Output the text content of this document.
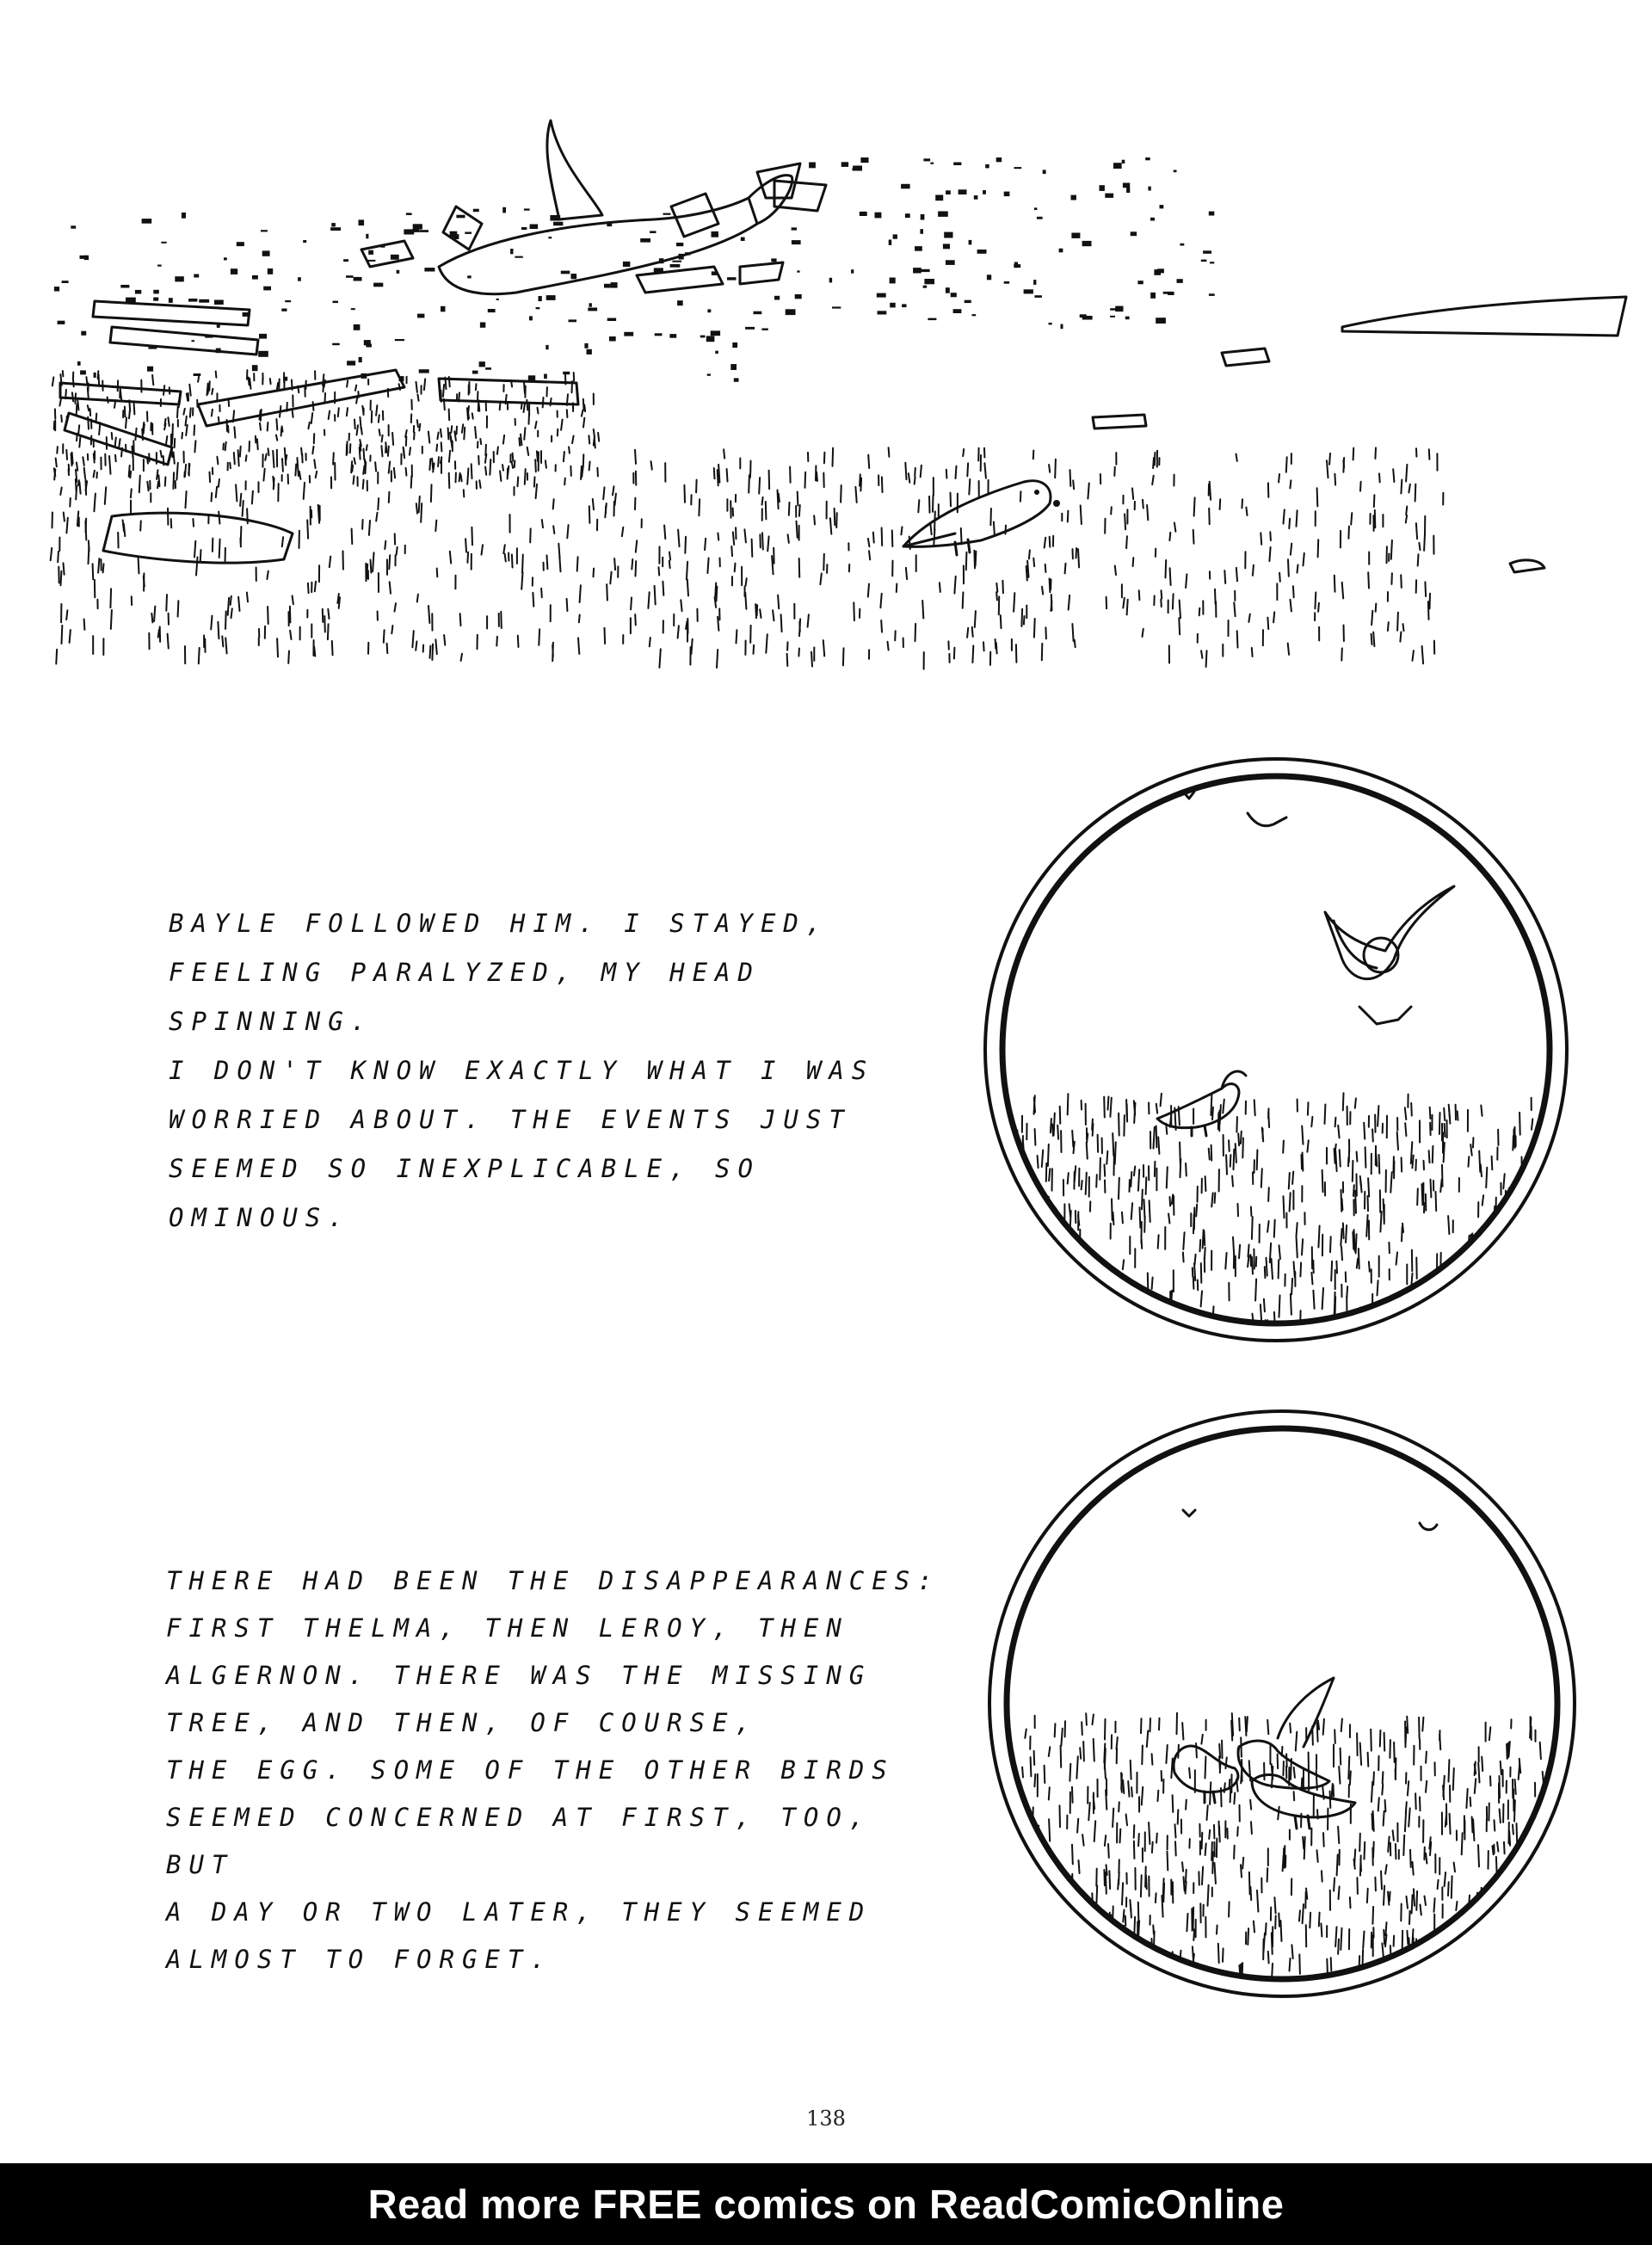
BAYLE FOLLOWED HIM. I STAYED,
FEELING PARALYZED, MY HEAD SPINNING.
I DON'T KNOW EXACTLY WHAT I WAS
WORRIED ABOUT. THE EVENTS JUST
SEEMED SO INEXPLICABLE, SO
OMINOUS.
THERE HAD BEEN THE DISAPPEARANCES:
FIRST THELMA, THEN LEROY, THEN
ALGERNON. THERE WAS THE MISSING
TREE, AND THEN, OF COURSE,
THE EGG. SOME OF THE OTHER BIRDS
SEEMED CONCERNED AT FIRST, TOO, BUT
A DAY OR TWO LATER, THEY SEEMED
ALMOST TO FORGET.
138
Read more FREE comics on ReadComicOnline
